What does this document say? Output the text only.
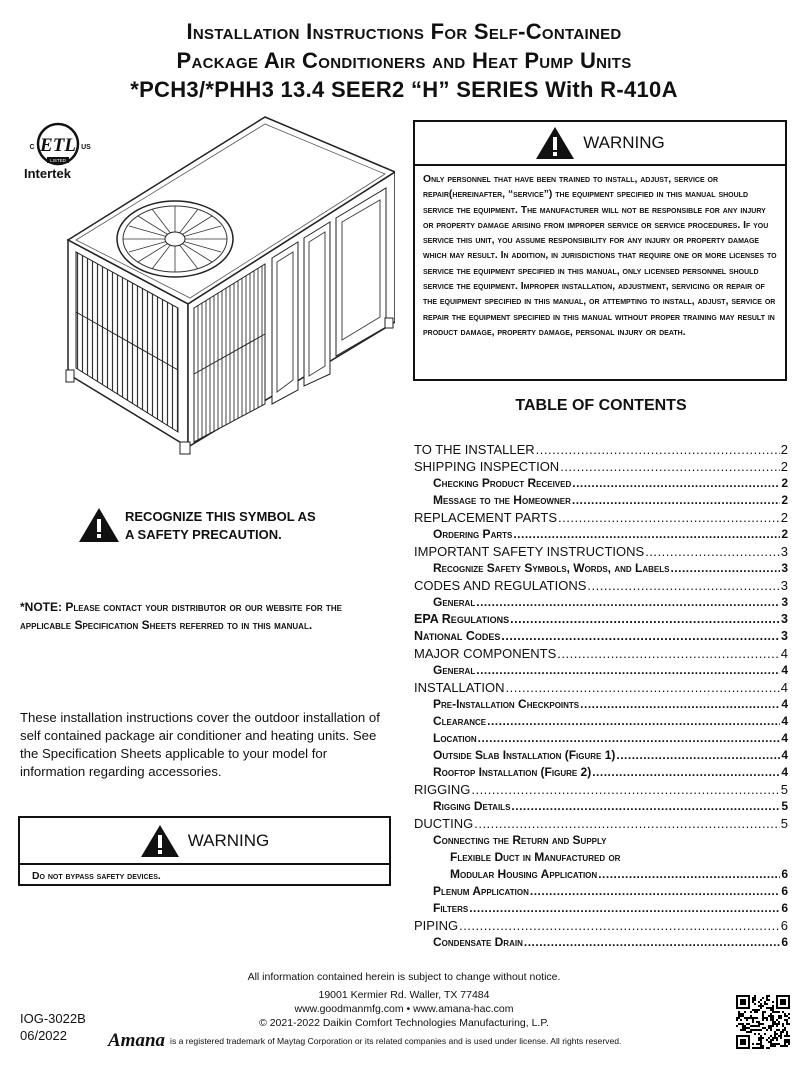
Installation Instructions For Self-Contained
Package Air Conditioners and Heat Pump Units
*PCH3/*PHH3 13.4 SEER2 “H” SERIES With R-410A
ETL
LISTED
C	US
Intertek
WARNING
Only personnel that have been trained to install, adjust, service or repair(hereinafter, “service”) the equipment specified in this manual should service the equipment. The manufacturer will not be responsible for any injury or property damage arising from improper service or service procedures. If you service this unit, you assume responsibility for any injury or property damage which may result. In addition, in jurisdictions that require one or more licenses to service the equipment specified in this manual, only licensed personnel should service the equipment. Improper installation, adjustment, servicing or repair of the equipment specified in this manual, or attempting to install, adjust, service or repair the equipment specified in this manual without proper training may result in product damage, property damage, personal injury or death.
TABLE OF CONTENTS
TO THE INSTALLER .....	2
SHIPPING INSPECTION .....	2
Checking Product Received .....	2
Message to the Homeowner .....	2
REPLACEMENT PARTS .....	2
Ordering Parts .....	2
IMPORTANT SAFETY INSTRUCTIONS .....	3
Recognize Safety Symbols, Words, and Labels .....	3
CODES AND REGULATIONS .....	3
General .....	3
EPA Regulations .....	3
National Codes .....	3
MAJOR COMPONENTS .....	4
General .....	4
INSTALLATION .....	4
Pre-Installation Checkpoints .....	4
Clearance .....	4
Location .....	4
Outside Slab Installation (Figure 1) .....	4
Rooftop Installation (Figure 2) .....	4
RIGGING .....	5
Rigging Details .....	5
DUCTING .....	5
Connecting the Return and Supply
Flexible Duct in Manufactured or
Modular Housing Application .....	6
Plenum Application .....	6
Filters .....	6
PIPING .....	6
Condensate Drain .....	6
RECOGNIZE THIS SYMBOL AS
A SAFETY PRECAUTION.
*NOTE: Please contact your distributor or our website for the applicable Specification Sheets referred to in this manual.
These installation instructions cover the outdoor installation of self contained package air conditioner and heating units. See the Specification Sheets applicable to your model for information regarding accessories.
WARNING
Do not bypass safety devices.
All information contained herein is subject to change without notice.
19001 Kermier Rd. Waller, TX 77484
www.goodmanmfg.com • www.amana-hac.com
© 2021-2022 Daikin Comfort Technologies Manufacturing, L.P.
IOG-3022B
06/2022	Amana is a registered trademark of Maytag Corporation or its related companies and is used under license. All rights reserved.
